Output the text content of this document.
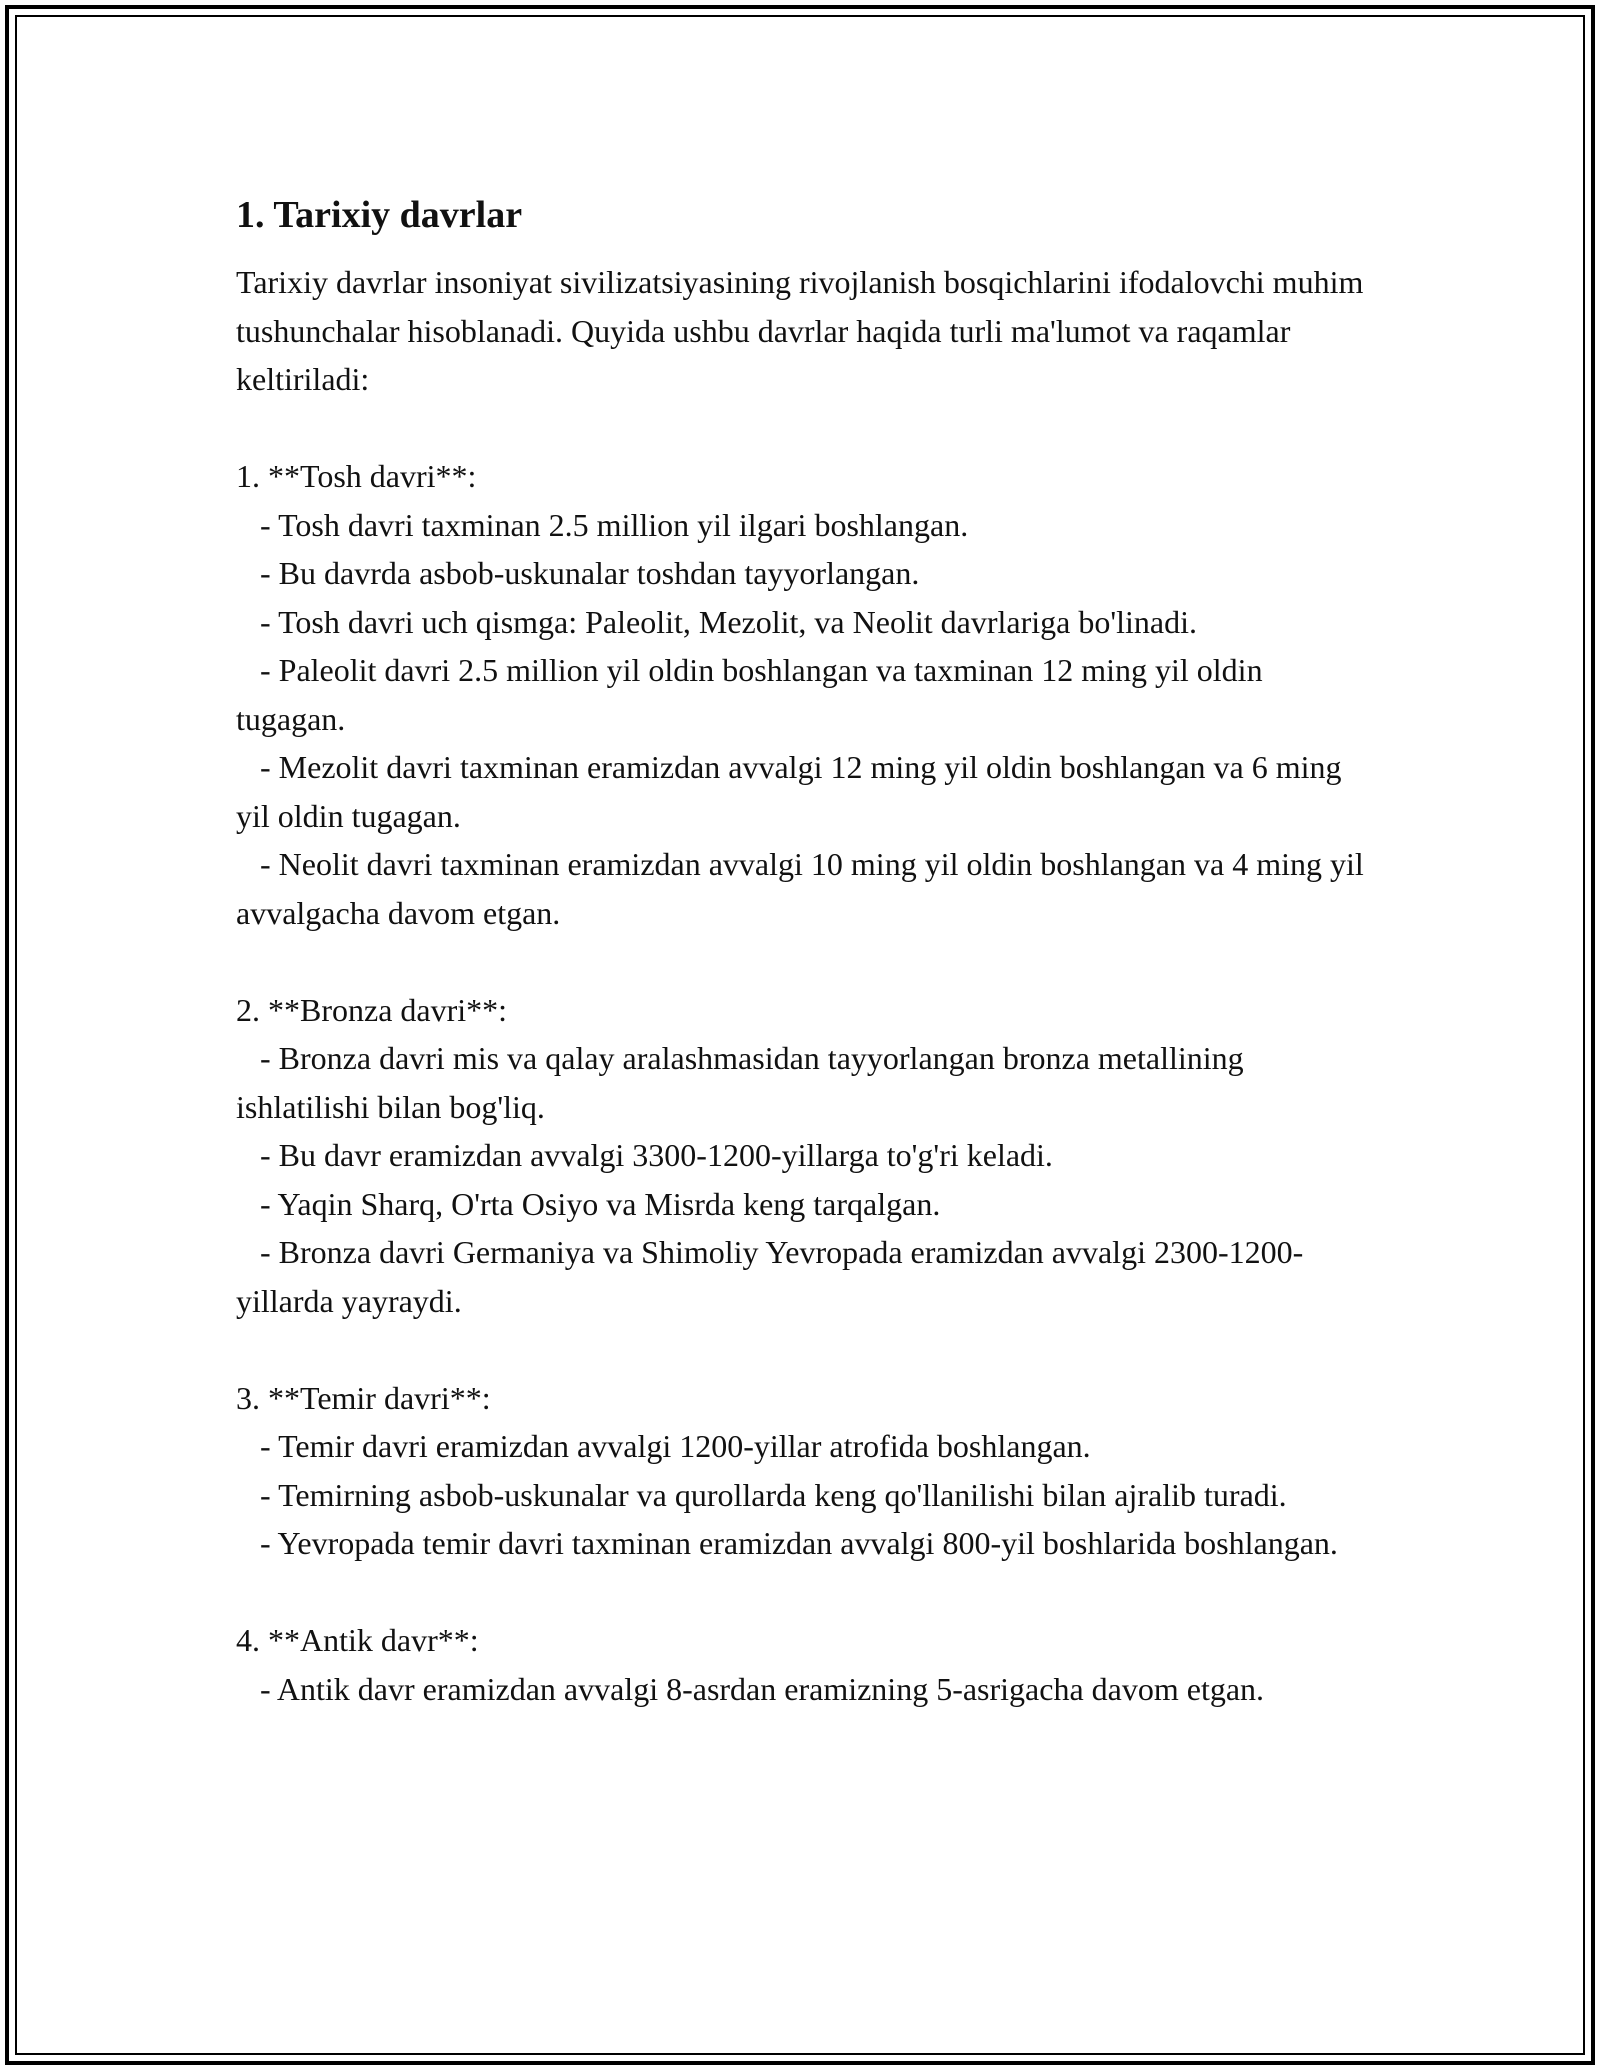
1. Tarixiy davrlar

Tarixiy davrlar insoniyat sivilizatsiyasining rivojlanish bosqichlarini ifodalovchi muhim tushunchalar hisoblanadi. Quyida ushbu davrlar haqida turli ma'lumot va raqamlar keltiriladi:

1. **Tosh davri**:

- Tosh davri taxminan 2.5 million yil ilgari boshlangan.
- Bu davrda asbob-uskunalar toshdan tayyorlangan.
- Tosh davri uch qismga: Paleolit, Mezolit, va Neolit davrlariga bo'linadi.
- Paleolit davri 2.5 million yil oldin boshlangan va taxminan 12 ming yil oldin tugagan.
- Mezolit davri taxminan eramizdan avvalgi 12 ming yil oldin boshlangan va 6 ming yil oldin tugagan.
- Neolit davri taxminan eramizdan avvalgi 10 ming yil oldin boshlangan va 4 ming yil avvalgacha davom etgan.

2. **Bronza davri**:

- Bronza davri mis va qalay aralashmasidan tayyorlangan bronza metallining ishlatilishi bilan bog'liq.
- Bu davr eramizdan avvalgi 3300-1200-yillarga to'g'ri keladi.
- Yaqin Sharq, O'rta Osiyo va Misrda keng tarqalgan.
- Bronza davri Germaniya va Shimoliy Yevropada eramizdan avvalgi 2300-1200-yillarda yayraydi.

3. **Temir davri**:

- Temir davri eramizdan avvalgi 1200-yillar atrofida boshlangan.
- Temirning asbob-uskunalar va qurollarda keng qo'llanilishi bilan ajralib turadi.
- Yevropada temir davri taxminan eramizdan avvalgi 800-yil boshlarida boshlangan.

4. **Antik davr**:

- Antik davr eramizdan avvalgi 8-asrdan eramizning 5-asrigacha davom etgan.
